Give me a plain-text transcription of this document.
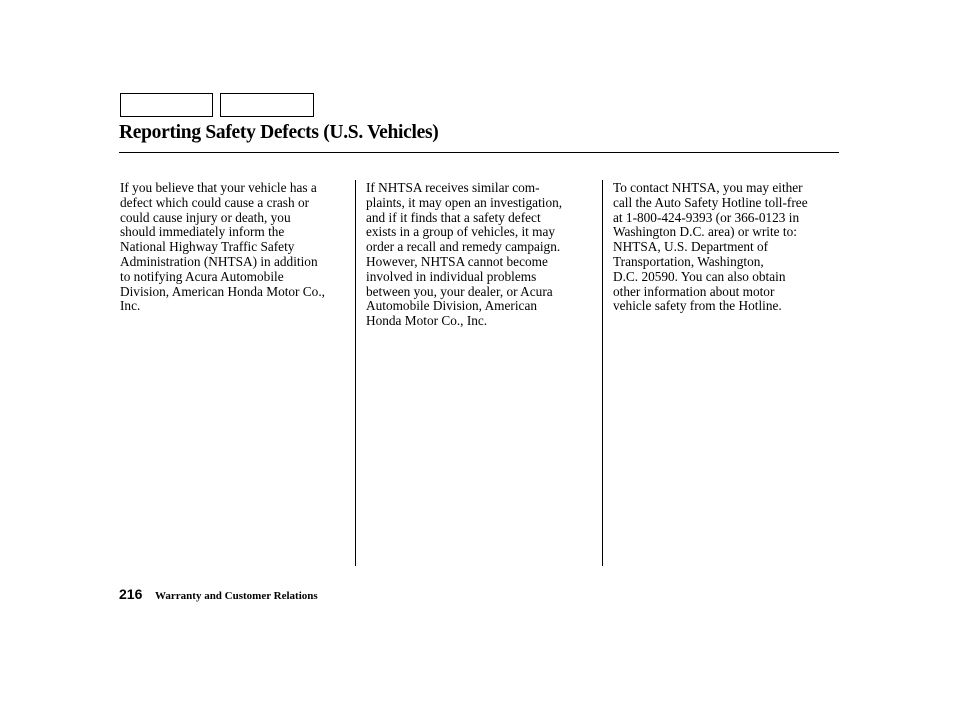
Reporting Safety Defects (U.S. Vehicles)
If you believe that your vehicle has a
defect which could cause a crash or
could cause injury or death, you
should immediately inform the
National Highway Traffic Safety
Administration (NHTSA) in addition
to notifying Acura Automobile
Division, American Honda Motor Co.,
Inc.
If NHTSA receives similar com-
plaints, it may open an investigation,
and if it finds that a safety defect
exists in a group of vehicles, it may
order a recall and remedy campaign.
However, NHTSA cannot become
involved in individual problems
between you, your dealer, or Acura
Automobile Division, American
Honda Motor Co., Inc.
To contact NHTSA, you may either
call the Auto Safety Hotline toll-free
at 1-800-424-9393 (or 366-0123 in
Washington D.C. area) or write to:
NHTSA, U.S. Department of
Transportation, Washington,
D.C. 20590. You can also obtain
other information about motor
vehicle safety from the Hotline.
216 Warranty and Customer Relations
